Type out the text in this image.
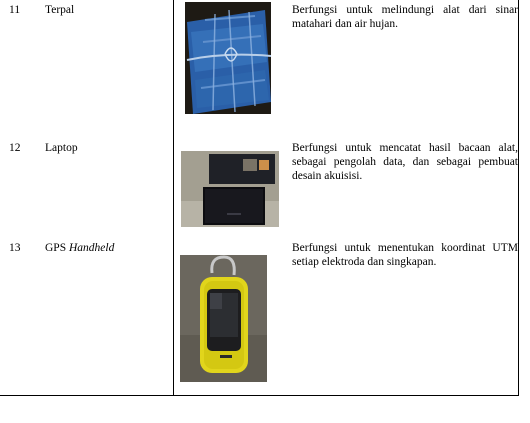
11 Terpal	Berfungsi untuk melindungi alat dari sinar matahari dan air hujan.
12 Laptop	Berfungsi untuk mencatat hasil bacaan alat, sebagai pengolah data, dan sebagai pembuat desain akuisisi.
13 GPS Handheld	Berfungsi untuk menentukan koordinat UTM setiap elektroda dan singkapan.
